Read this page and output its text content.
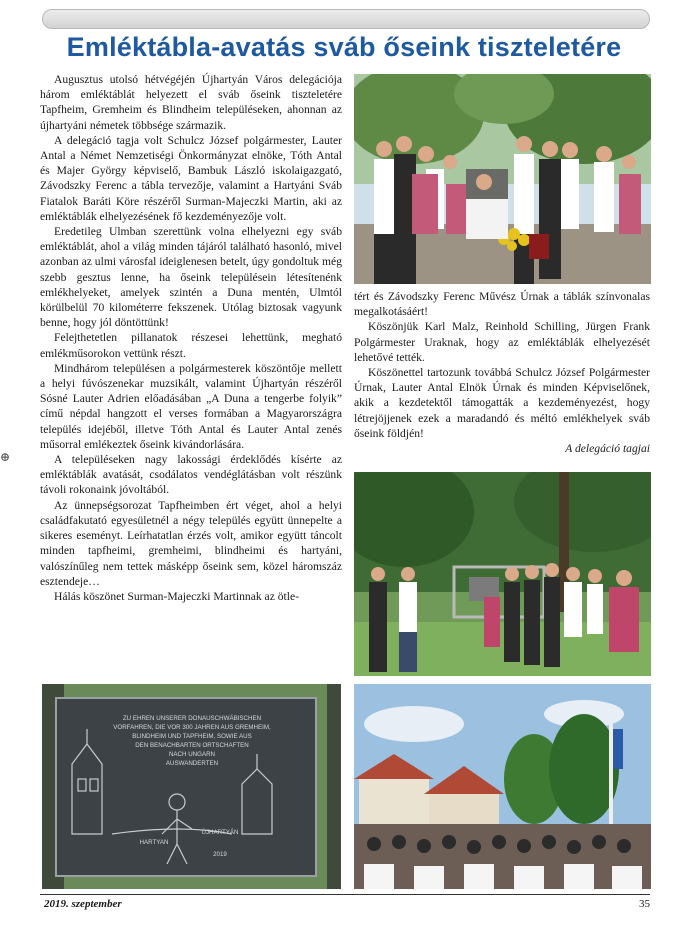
Emléktábla-avatás sváb őseink tiszteletére

Augusztus utolsó hétvégéjén Újhartyán Város delegációja három emléktáblát helyezett el sváb őseink tiszteletére Tapfheim, Gremheim és Blindheim településeken, ahonnan az újhartyáni németek többsége származik.

A delegáció tagja volt Schulcz József polgármester, Lauter Antal a Német Nemzetiségi Önkormányzat elnöke, Tóth Antal és Majer György képviselő, Bambuk László iskolaigazgató, Závodszky Ferenc a tábla tervezője, valamint a Hartyáni Sváb Fiatalok Baráti Köre részéről Surman-Majeczki Martin, aki az emléktáblák elhelyezésének fő kezdeményezője volt.

Eredetileg Ulmban szerettünk volna elhelyezni egy sváb emléktáblát, ahol a világ minden tájáról található hasonló, mivel azonban az ulmi városfal ideiglenesen betelt, úgy gondoltuk még szebb gesztus lenne, ha őseink településein létesítenénk emlékhelyeket, amelyek szintén a Duna mentén, Ulmtól körülbelül 70 kilométerre fekszenek. Utólag biztosak vagyunk benne, hogy jól döntöttünk!

Felejthetetlen pillanatok részesei lehettünk, megható emlékműsorokon vettünk részt.

Mindhárom településen a polgármesterek köszöntője mellett a helyi fúvószenekar muzsikált, valamint Újhartyán részéről Sósné Lauter Adrien előadásában „A Duna a tengerbe folyik” című népdal hangzott el verses formában a Magyarországra település idejéből, illetve Tóth Antal és Lauter Antal zenés műsorral emlékeztek őseink kivándorlására.

A településeken nagy lakossági érdeklődés kísérte az emléktáblák avatását, csodálatos vendéglátásban volt részünk távoli rokonaink jóvoltából.

Az ünnepségsorozat Tapfheimben ért véget, ahol a helyi családfakutató egyesületnél a négy település együtt ünnepelte a sikeres eseményt. Leírhatatlan érzés volt, amikor együtt táncolt minden tapfheimi, gremheimi, blindheimi és hartyáni, valószínűleg nem tettek másképp őseink sem, közel háromszáz esztendeje…

Hálás köszönet Surman-Majeczki Martinnak az ötle-

tért és Závodszky Ferenc Művész Úrnak a táblák színvonalas megalkotásáért!

Köszönjük Karl Malz, Reinhold Schilling, Jürgen Frank Polgármester Uraknak, hogy az emléktáblák elhelyezését lehetővé tették.

Köszönettel tartozunk továbbá Schulcz József Polgármester Úrnak, Lauter Antal Elnök Úrnak és minden Képviselőnek, akik a kezdetektől támogatták a kezdeményezést, hogy létrejöjjenek ezek a maradandó és méltó emlékhelyek sváb őseink földjén!

A delegáció tagjai

ZU EHREN UNSERER DONAUSCHWÄBISCHEN
VORFAHREN, DIE VOR 300 JAHREN AUS GREMHEIM,
BLINDHEIM UND TAPFHEIM, SOWIE AUS
DEN BENACHBARTEN ORTSCHAFTEN
NACH UNGARN
AUSWANDERTEN
HARTYAN
ÚJHARTYÁN
2019
⊕
2019. szeptember	35
